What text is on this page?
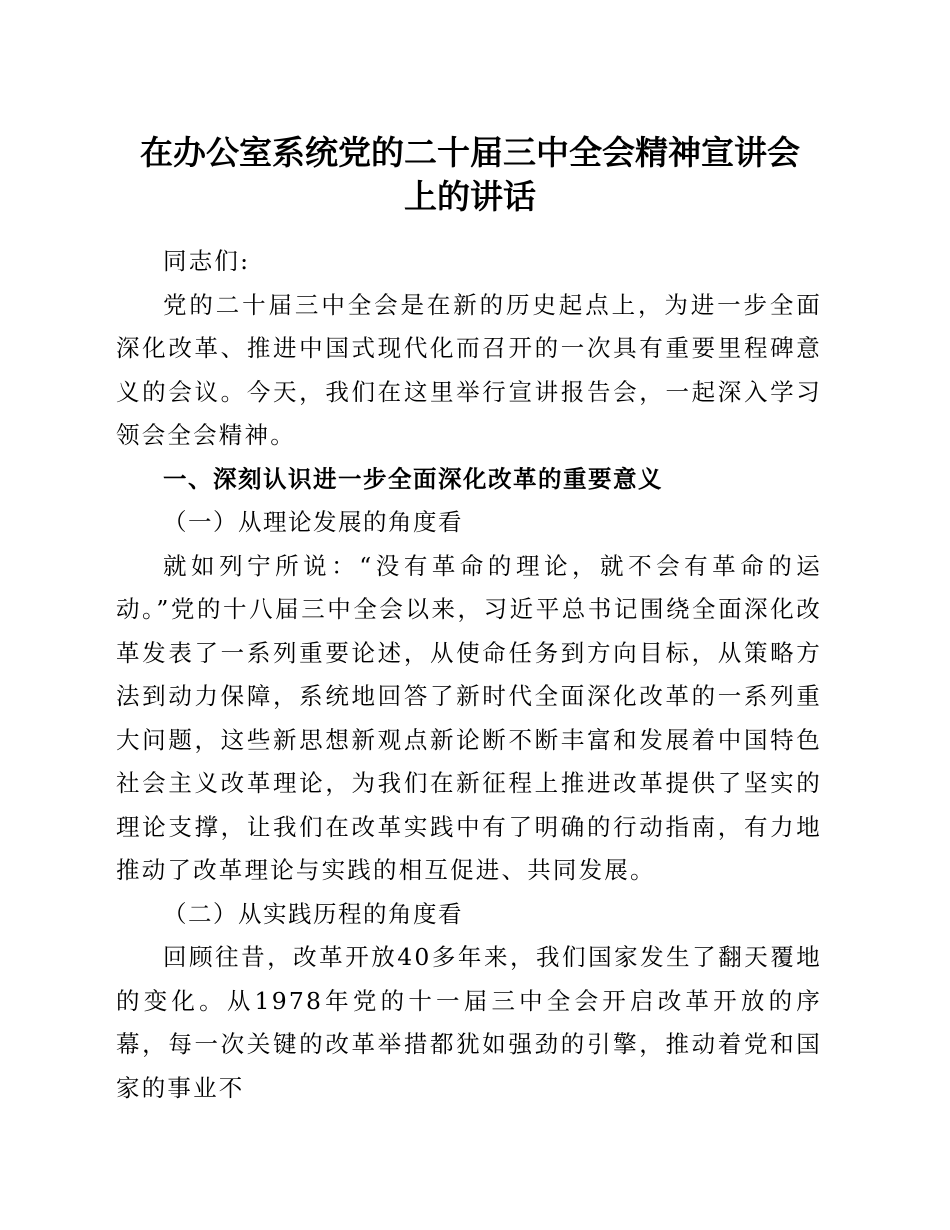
在办公室系统党的二十届三中全会精神宣讲会
上的讲话

同志们:

党的二十届三中全会是在新的历史起点上，为进一步全面深化改革、推进中国式现代化而召开的一次具有重要里程碑意义的会议。今天，我们在这里举行宣讲报告会，一起深入学习领会全会精神。

一、深刻认识进一步全面深化改革的重要意义

（一）从理论发展的角度看

就如列宁所说：“没有革命的理论，就不会有革命的运动。”党的十八届三中全会以来，习近平总书记围绕全面深化改革发表了一系列重要论述，从使命任务到方向目标，从策略方法到动力保障，系统地回答了新时代全面深化改革的一系列重大问题，这些新思想新观点新论断不断丰富和发展着中国特色社会主义改革理论，为我们在新征程上推进改革提供了坚实的理论支撑，让我们在改革实践中有了明确的行动指南，有力地推动了改革理论与实践的相互促进、共同发展。

（二）从实践历程的角度看

回顾往昔，改革开放40多年来，我们国家发生了翻天覆地的变化。从1978年党的十一届三中全会开启改革开放的序幕，每一次关键的改革举措都犹如强劲的引擎，推动着党和国家的事业不
